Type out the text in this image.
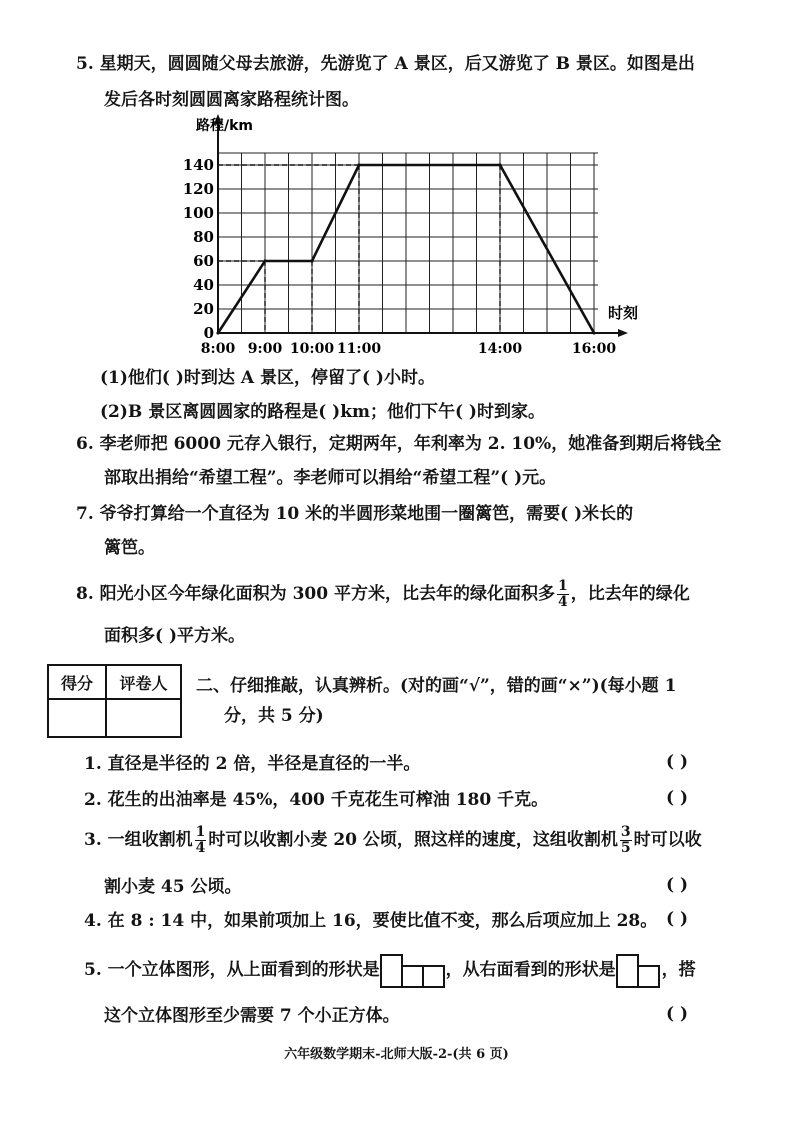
5. 星期天，圆圆随父母去旅游，先游览了 A 景区，后又游览了 B 景区。如图是出
发后各时刻圆圆离家路程统计图。
0
20
40
60
80
100
120
140
8:00 9:00 10:00 11:00	14:00	16:00
路程/km
时刻
(1)他们( )时到达 A 景区，停留了( )小时。
(2)B 景区离圆圆家的路程是( )km；他们下午( )时到家。
6. 李老师把 6000 元存入银行，定期两年，年利率为 2. 10%，她准备到期后将钱全
部取出捐给“希望工程”。李老师可以捐给“希望工程”( )元。
7. 爷爷打算给一个直径为 10 米的半圆形菜地围一圈篱笆，需要( )米长的
篱笆。
8. 阳光小区今年绿化面积为 300 平方米，比去年的绿化面积多 $\frac{1}{4}$ ，比去年的绿化
面积多( )平方米。
得分	评卷人
	二、仔细推敲，认真辨析。(对的画“√”，错的画“×”)(每小题 1
分，共 5 分)
1. 直径是半径的 2 倍，半径是直径的一半。	( )
2. 花生的出油率是 45%，400 千克花生可榨油 180 千克。	( )
3. 一组收割机 $\frac{1}{4}$ 时可以收割小麦 20 公顷，照这样的速度，这组收割机 $\frac{3}{5}$ 时可以收
割小麦 45 公顷。	( )
4. 在 8 : 14 中，如果前项加上 16，要使比值不变，那么后项应加上 28。 ( )
5. 一个立体图形，从上面看到的形状是	，从右面看到的形状是	，搭
这个立体图形至少需要 7 个小正方体。	( )
六年级数学期末-北师大版-2-(共 6 页)
